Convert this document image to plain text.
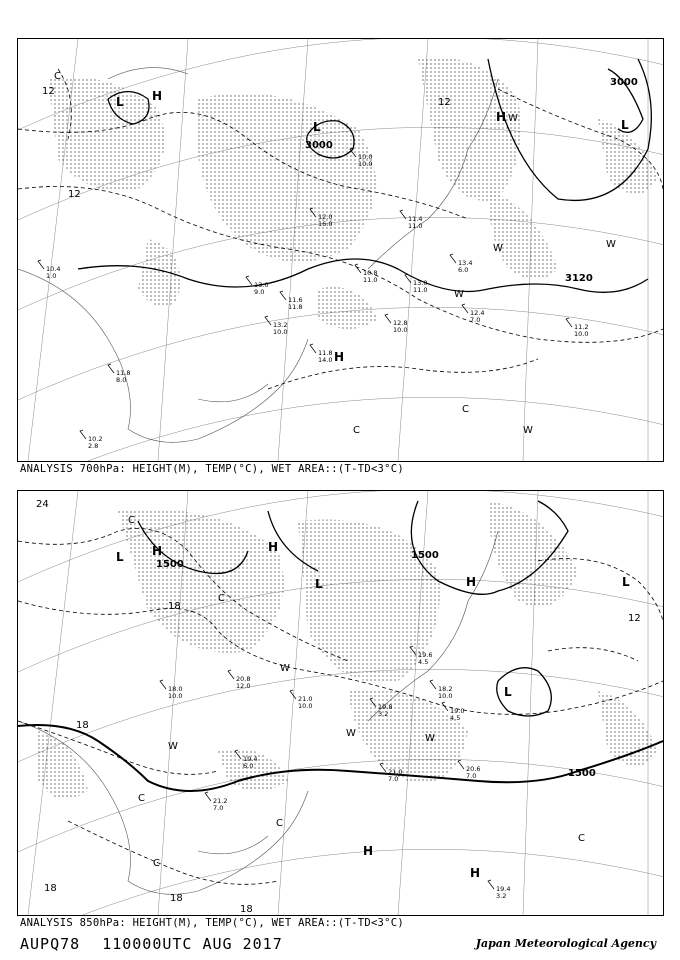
3000
3000
3120
L H
L	L
H
H
C
C
C
W
W	W
W
W
12
12
12
10.4
1.0
12.4
7.0
11.2
10.0
12.8
10.0
13.2
10.0
11.8
14.0
11.6
11.8
10.2
2.8
11.8
8.0
13.4
6.0
13.0
11.0
10.8
11.0
12.0
16.0
11.4
11.0
13.0
9.0
10.0
10.0
ANALYSIS 700hPa: HEIGHT(M), TEMP(°C), WET AREA::(T-TD<3°C)
1500
1500
1500
L H	H
L	H
L
L
H
H
C
C
C
C
C
W
W
W	W
C
24
18
18
18
12
18
18
20.6
7.0
19.4
3.2
21.0
7.0
19.0
4.5
21.2
7.0
19.4
6.0
18.0
10.0
20.8
12.0
19.8
3.2
18.2
10.0
21.0
10.0
19.6
4.5
ANALYSIS 850hPa: HEIGHT(M), TEMP(°C), WET AREA::(T-TD<3°C)
AUPQ78 110000UTC AUG 2017	Japan Meteorological Agency
